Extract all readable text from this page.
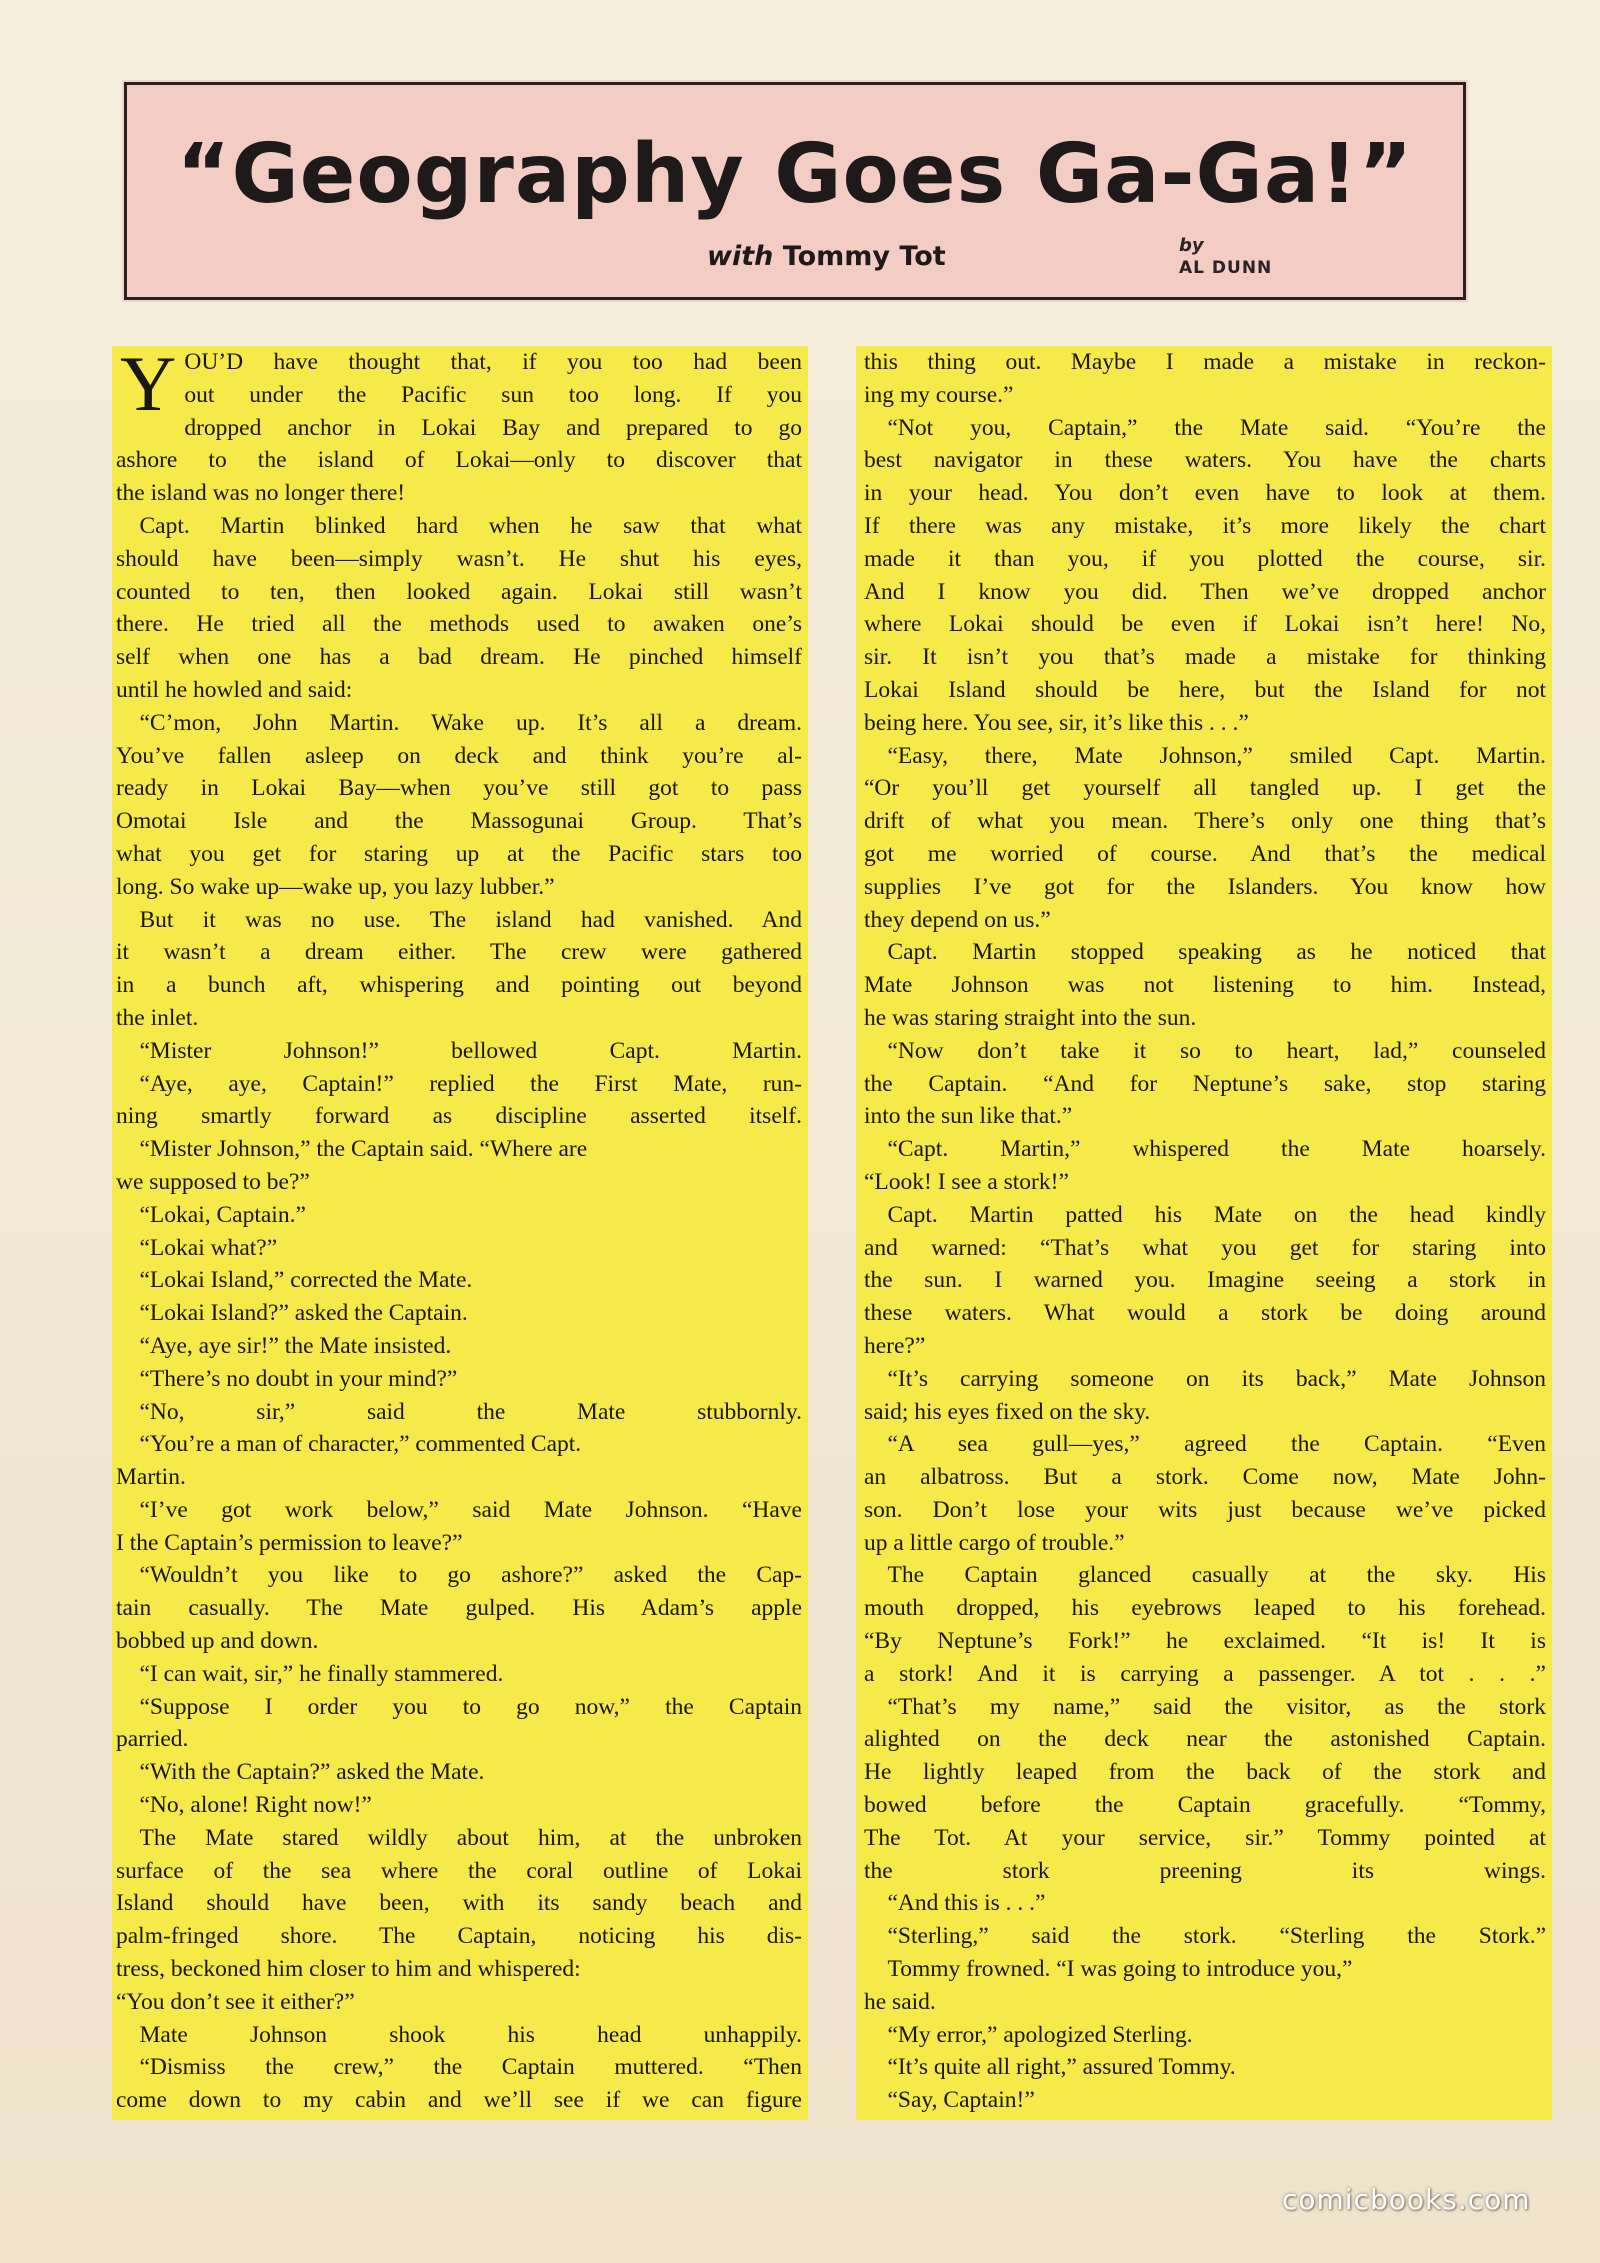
“Geography Goes Ga-Ga!”
with Tommy Tot	by
AL DUNN
Y OU’D have thought that, if you too had been
out under the Pacific sun too long. If you
dropped anchor in Lokai Bay and prepared to go
ashore to the island of Lokai—only to discover that
the island was no longer there!
 Capt. Martin blinked hard when he saw that what
should have been—simply wasn’t. He shut his eyes,
counted to ten, then looked again. Lokai still wasn’t
there. He tried all the methods used to awaken one’s
self when one has a bad dream. He pinched himself
until he howled and said:
 “C’mon, John Martin. Wake up. It’s all a dream.
You’ve fallen asleep on deck and think you’re al-
ready in Lokai Bay—when you’ve still got to pass
Omotai Isle and the Massogunai Group. That’s
what you get for staring up at the Pacific stars too
long. So wake up—wake up, you lazy lubber.”
 But it was no use. The island had vanished. And
it wasn’t a dream either. The crew were gathered
in a bunch aft, whispering and pointing out beyond
the inlet.
 “Mister Johnson!” bellowed Capt. Martin.
 “Aye, aye, Captain!” replied the First Mate, run-
ning smartly forward as discipline asserted itself.
 “Mister Johnson,” the Captain said. “Where are
we supposed to be?”
 “Lokai, Captain.”
 “Lokai what?”
 “Lokai Island,” corrected the Mate.
 “Lokai Island?” asked the Captain.
 “Aye, aye sir!” the Mate insisted.
 “There’s no doubt in your mind?”
 “No, sir,” said the Mate stubbornly.
 “You’re a man of character,” commented Capt.
Martin.
 “I’ve got work below,” said Mate Johnson. “Have
I the Captain’s permission to leave?”
 “Wouldn’t you like to go ashore?” asked the Cap-
tain casually. The Mate gulped. His Adam’s apple
bobbed up and down.
 “I can wait, sir,” he finally stammered.
 “Suppose I order you to go now,” the Captain
parried.
 “With the Captain?” asked the Mate.
 “No, alone! Right now!”
 The Mate stared wildly about him, at the unbroken
surface of the sea where the coral outline of Lokai
Island should have been, with its sandy beach and
palm-fringed shore. The Captain, noticing his dis-
tress, beckoned him closer to him and whispered:
“You don’t see it either?”
 Mate Johnson shook his head unhappily.
 “Dismiss the crew,” the Captain muttered. “Then
come down to my cabin and we’ll see if we can figure
this thing out. Maybe I made a mistake in reckon-
ing my course.”
 “Not you, Captain,” the Mate said. “You’re the
best navigator in these waters. You have the charts
in your head. You don’t even have to look at them.
If there was any mistake, it’s more likely the chart
made it than you, if you plotted the course, sir.
And I know you did. Then we’ve dropped anchor
where Lokai should be even if Lokai isn’t here! No,
sir. It isn’t you that’s made a mistake for thinking
Lokai Island should be here, but the Island for not
being here. You see, sir, it’s like this . . .”
 “Easy, there, Mate Johnson,” smiled Capt. Martin.
“Or you’ll get yourself all tangled up. I get the
drift of what you mean. There’s only one thing that’s
got me worried of course. And that’s the medical
supplies I’ve got for the Islanders. You know how
they depend on us.”
 Capt. Martin stopped speaking as he noticed that
Mate Johnson was not listening to him. Instead,
he was staring straight into the sun.
 “Now don’t take it so to heart, lad,” counseled
the Captain. “And for Neptune’s sake, stop staring
into the sun like that.”
 “Capt. Martin,” whispered the Mate hoarsely.
“Look! I see a stork!”
 Capt. Martin patted his Mate on the head kindly
and warned: “That’s what you get for staring into
the sun. I warned you. Imagine seeing a stork in
these waters. What would a stork be doing around
here?”
 “It’s carrying someone on its back,” Mate Johnson
said; his eyes fixed on the sky.
 “A sea gull—yes,” agreed the Captain. “Even
an albatross. But a stork. Come now, Mate John-
son. Don’t lose your wits just because we’ve picked
up a little cargo of trouble.”
 The Captain glanced casually at the sky. His
mouth dropped, his eyebrows leaped to his forehead.
“By Neptune’s Fork!” he exclaimed. “It is! It is
a stork! And it is carrying a passenger. A tot . . .”
 “That’s my name,” said the visitor, as the stork
alighted on the deck near the astonished Captain.
He lightly leaped from the back of the stork and
bowed before the Captain gracefully. “Tommy,
The Tot. At your service, sir.” Tommy pointed at
the stork preening its wings.
 “And this is . . .”
 “Sterling,” said the stork. “Sterling the Stork.”
 Tommy frowned. “I was going to introduce you,”
he said.
 “My error,” apologized Sterling.
 “It’s quite all right,” assured Tommy.
 “Say, Captain!”
comicbooks.com
